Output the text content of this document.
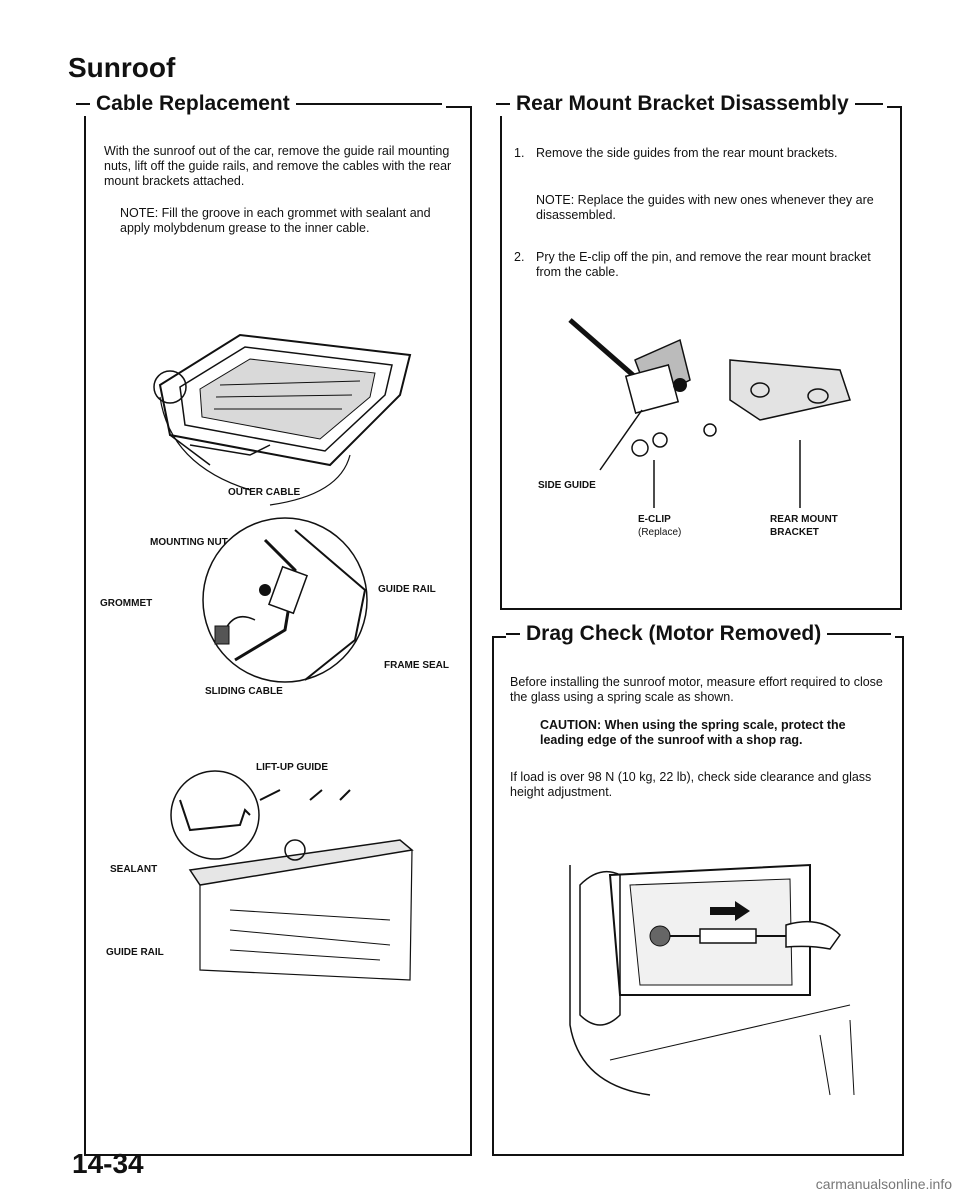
Sunroof
Cable Replacement

With the sunroof out of the car, remove the guide rail mounting nuts, lift off the guide rails, and remove the cables with the rear mount brackets attached.

NOTE: Fill the groove in each grommet with sealant and apply molybdenum grease to the inner cable.

OUTER CABLE
MOUNTING NUT
GUIDE RAIL
GROMMET
FRAME SEAL
SLIDING CABLE
LIFT-UP GUIDE
SEALANT
GUIDE RAIL
Rear Mount Bracket Disassembly
1. Remove the side guides from the rear mount brackets.

NOTE: Replace the guides with new ones whenever they are disassembled.

2. Pry the E-clip off the pin, and remove the rear mount bracket from the cable.
SIDE GUIDE
E-CLIP
(Replace)
REAR MOUNT
BRACKET
Drag Check (Motor Removed)

Before installing the sunroof motor, measure effort required to close the glass using a spring scale as shown.

CAUTION: When using the spring scale, protect the leading edge of the sunroof with a shop rag.

If load is over 98 N (10 kg, 22 lb), check side clearance and glass height adjustment.

14-34
carmanualsonline.info
